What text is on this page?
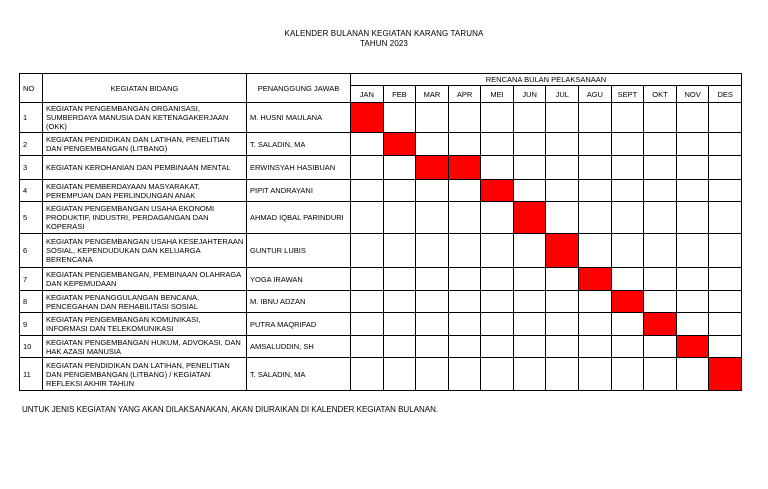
KALENDER BULANAN KEGIATAN KARANG TARUNA
TAHUN 2023
NO	KEGIATAN BIDANG	PENANGGUNG JAWAB	RENCANA BULAN PELAKSANAAN											
			JAN	FEB	MAR	APR	MEI	JUN	JUL	AGU	SEPT	OKT	NOV	DES
1	KEGIATAN PENGEMBANGAN ORGANISASI, SUMBERDAYA MANUSIA DAN KETENAGAKERJAAN (OKK)	M. HUSNI MAULANA												
2	KEGIATAN PENDIDIKAN DAN LATIHAN, PENELITIAN DAN PENGEMBANGAN (LITBANG)	T. SALADIN, MA												
3	KEGIATAN KEROHANIAN DAN PEMBINAAN MENTAL	ERWINSYAH HASIBUAN												
4	KEGIATAN PEMBERDAYAAN MASYARAKAT, PEREMPUAN DAN PERLINDUNGAN ANAK	PIPIT ANDRAYANI												
5	KEGIATAN PENGEMBANGAN USAHA EKONOMI PRODUKTIF, INDUSTRI, PERDAGANGAN DAN KOPERASI	AHMAD IQBAL PARINDURI												
6	KEGIATAN PENGEMBANGAN USAHA KESEJAHTERAAN SOSIAL, KEPENDUDUKAN DAN KELUARGA BERENCANA	GUNTUR LUBIS												
7	KEGIATAN PENGEMBANGAN, PEMBINAAN OLAHRAGA DAN KEPEMUDAAN	YOGA IRAWAN												
8	KEGIATAN PENANGGULANGAN BENCANA, PENCEGAHAN DAN REHABILITASI SOSIAL	M. IBNU ADZAN												
9	KEGIATAN PENGEMBANGAN KOMUNIKASI, INFORMASI DAN TELEKOMUNIKASI	PUTRA MAQRIFAD												
10	KEGIATAN PENGEMBANGAN HUKUM, ADVOKASI, DAN HAK AZASI MANUSIA	AMSALUDDIN, SH												
11	KEGIATAN PENDIDIKAN DAN LATIHAN, PENELITIAN DAN PENGEMBANGAN (LITBANG) / KEGIATAN REFLEKSI AKHIR TAHUN	T. SALADIN, MA												
UNTUK JENIS KEGIATAN YANG AKAN DILAKSANAKAN, AKAN DIURAIKAN DI KALENDER KEGIATAN BULANAN.
